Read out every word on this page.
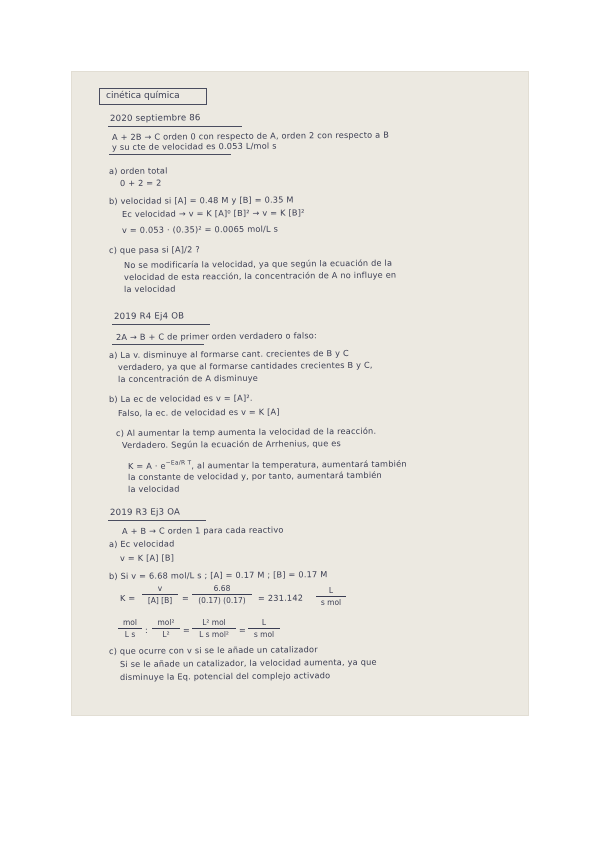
cinética química
2020 septiembre 86
A + 2B → C orden 0 con respecto de A, orden 2 con respecto a B
y su cte de velocidad es 0.053 L/mol s
a) orden total
0 + 2 = 2
b) velocidad si [A] = 0.48 M y [B] = 0.35 M
Ec velocidad → v = K [A]⁰ [B]² → v = K [B]²
v = 0.053 · (0.35)² = 0.0065 mol/L s
c) que pasa si [A]/2 ?
No se modificaría la velocidad, ya que según la ecuación de la
velocidad de esta reacción, la concentración de A no influye en
la velocidad
2019 R4 Ej4 OB
2A → B + C de primer orden verdadero o falso:
a) La v. disminuye al formarse cant. crecientes de B y C
verdadero, ya que al formarse cantidades crecientes B y C,
la concentración de A disminuye
b) La ec de velocidad es v = [A]².
Falso, la ec. de velocidad es v = K [A]
c) Al aumentar la temp aumenta la velocidad de la reacción.
Verdadero. Según la ecuación de Arrhenius, que es
$K = A \cdot e^{-Ea/R T}$, al aumentar la temperatura, aumentará también
la constante de velocidad y, por tanto, aumentará también
la velocidad
2019 R3 Ej3 OA
A + B → C orden 1 para cada reactivo
a) Ec velocidad
v = K [A] [B]
b) Si v = 6.68 mol/L s ; [A] = 0.17 M ; [B] = 0.17 M
K =
v
[A] [B]	=
6.68
(0.17) (0.17)	= 231.142
L
s mol
mol
L s	:
mol²
L²	=
L² mol
L s mol²	=
L
s mol
c) que ocurre con v si se le añade un catalizador
Si se le añade un catalizador, la velocidad aumenta, ya que
disminuye la Eq. potencial del complejo activado
